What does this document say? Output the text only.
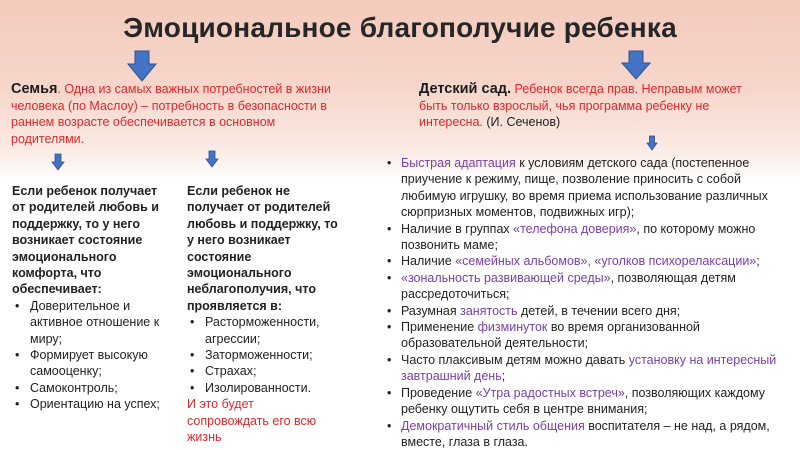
Эмоциональное благополучие ребенка
Семья. Одна из самых важных потребностей в жизни человека (по Маслоу) – потребность в безопасности в раннем возрасте обеспечивается в основном родителями.
Детский сад. Ребенок всегда прав. Неправым может быть только взрослый, чья программа ребенку не интересна. (И. Сеченов)
Если ребенок получает от родителей любовь и поддержку, то у него возникает состояние эмоционального комфорта, что обеспечивает:
• Доверительное и активное отношение к миру;
• Формирует высокую самооценку;
• Самоконтроль;
• Ориентацию на успех;
Если ребенок не получает от родителей любовь и поддержку, то у него возникает состояние эмоционального неблагополучия, что проявляется в:
• Расторможенности, агрессии;
• Заторможенности;
• Страхах;
• Изолированности.
И это будет сопровождать его всю жизнь
• Быстрая адаптация к условиям детского сада (постепенное приучение к режиму, пище, позволение приносить с собой любимую игрушку, во время приема использование различных сюрпризных моментов, подвижных игр);
• Наличие в группах «телефона доверия», по которому можно позвонить маме;
• Наличие «семейных альбомов», «уголков психорелаксации»;
• «зональность развивающей среды», позволяющая детям рассредоточиться;
• Разумная занятость детей, в течении всего дня;
• Применение физминуток во время организованной образовательной деятельности;
• Часто плаксивым детям можно давать установку на интересный завтрашний день;
• Проведение «Утра радостных встреч», позволяющих каждому ребенку ощутить себя в центре внимания;
• Демократичный стиль общения воспитателя – не над, а рядом, вместе, глаза в глаза.
